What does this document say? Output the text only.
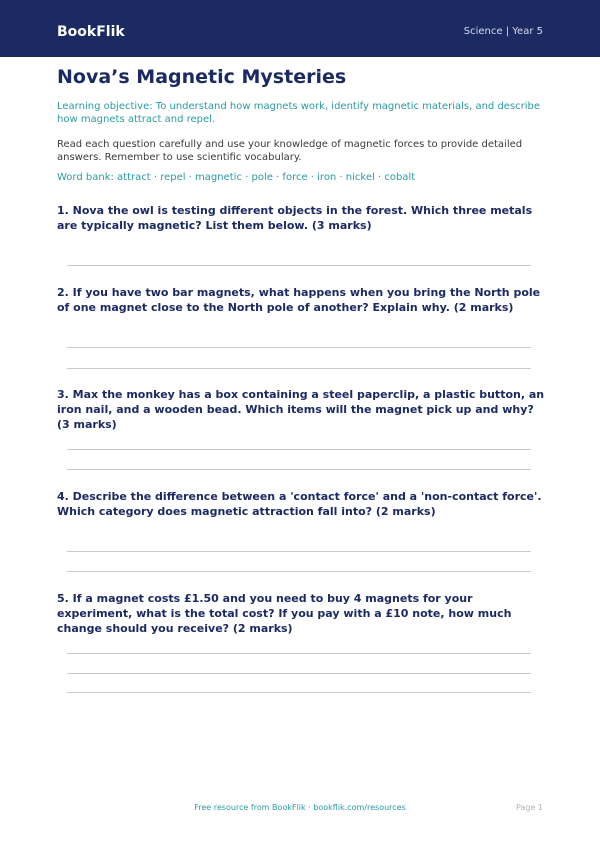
BookFlik	Science | Year 5
Nova’s Magnetic Mysteries
Learning objective: To understand how magnets work, identify magnetic materials, and describe how magnets attract and repel.
Read each question carefully and use your knowledge of magnetic forces to provide detailed answers. Remember to use scientific vocabulary.
Word bank: attract · repel · magnetic · pole · force · iron · nickel · cobalt
1. Nova the owl is testing different objects in the forest. Which three metals are typically magnetic? List them below. (3 marks)
2. If you have two bar magnets, what happens when you bring the North pole of one magnet close to the North pole of another? Explain why. (2 marks)
3. Max the monkey has a box containing a steel paperclip, a plastic button, an iron nail, and a wooden bead. Which items will the magnet pick up and why? (3 marks)
4. Describe the difference between a 'contact force' and a 'non-contact force'. Which category does magnetic attraction fall into? (2 marks)
5. If a magnet costs £1.50 and you need to buy 4 magnets for your experiment, what is the total cost? If you pay with a £10 note, how much change should you receive? (2 marks)
Free resource from BookFlik · bookflik.com/resources	Page 1
